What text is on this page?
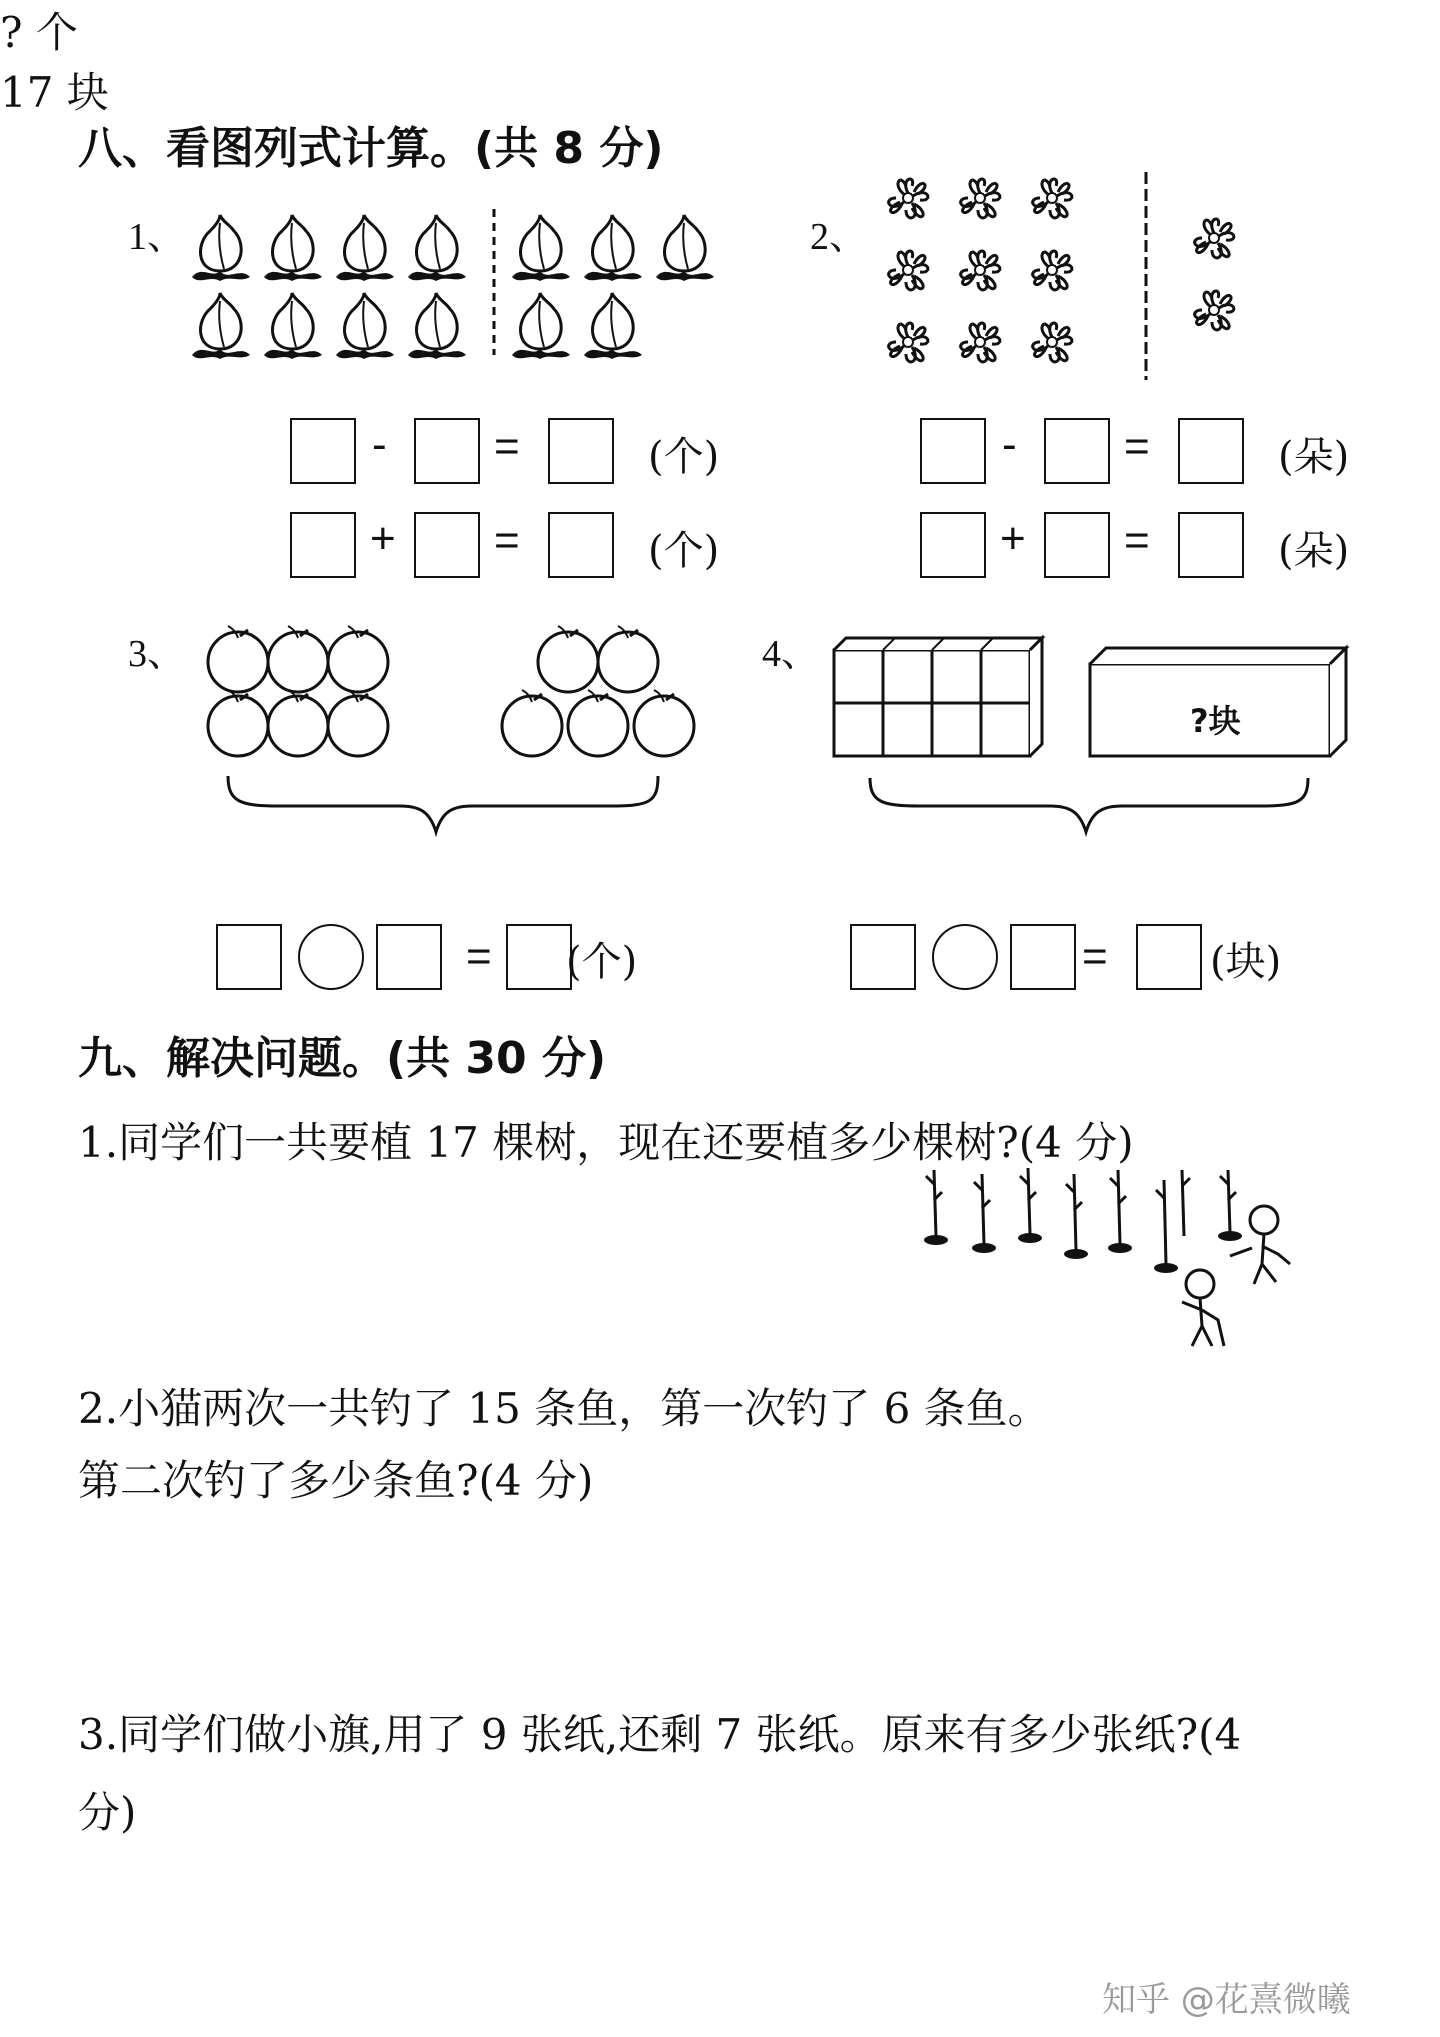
八、看图列式计算。(共 8 分)
1、
- =	(个)
+ =	(个)
2、
- =	(朵)
+ =	(朵)
3、
? 个
= (个)
4、
?块
17 块
=	(块)
九、解决问题。(共 30 分)
1.同学们一共要植 17 棵树，现在还要植多少棵树?(4 分)
2.小猫两次一共钓了 15 条鱼，第一次钓了 6 条鱼。
第二次钓了多少条鱼?(4 分)
3.同学们做小旗,用了 9 张纸,还剩 7 张纸。原来有多少张纸?(4
分)
知乎 @花熹微曦
